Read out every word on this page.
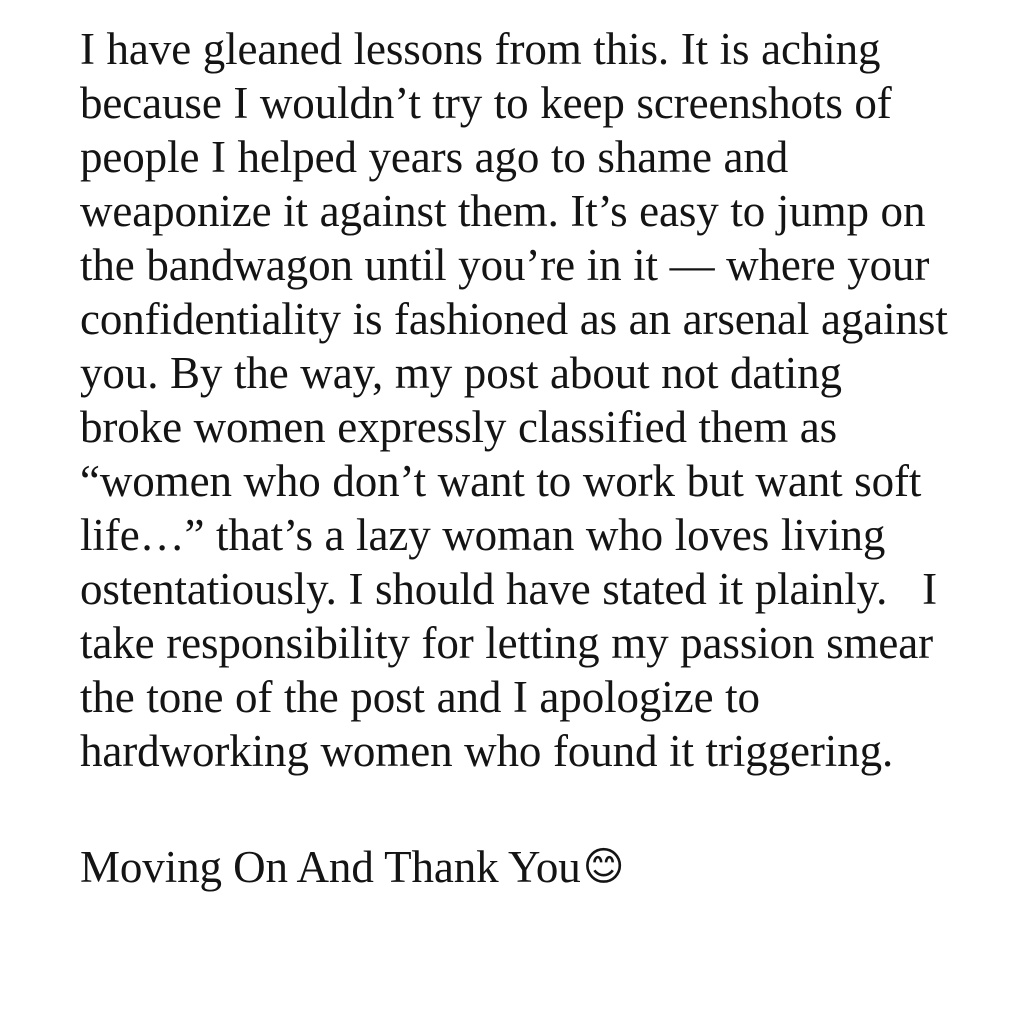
I have gleaned lessons from this. It is aching because I wouldn’t try to keep screenshots of people I helped years ago to shame and weaponize it against them. It’s easy to jump on the bandwagon until you’re in it — where your confidentiality is fashioned as an arsenal against you. By the way, my post about not dating broke women expressly classified them as “women who don’t want to work but want soft life…” that’s a lazy woman who loves living ostentatiously. I should have stated it plainly.   I take responsibility for letting my passion smear the tone of the post and I apologize to hardworking women who found it triggering.

Moving On And Thank You 😊
